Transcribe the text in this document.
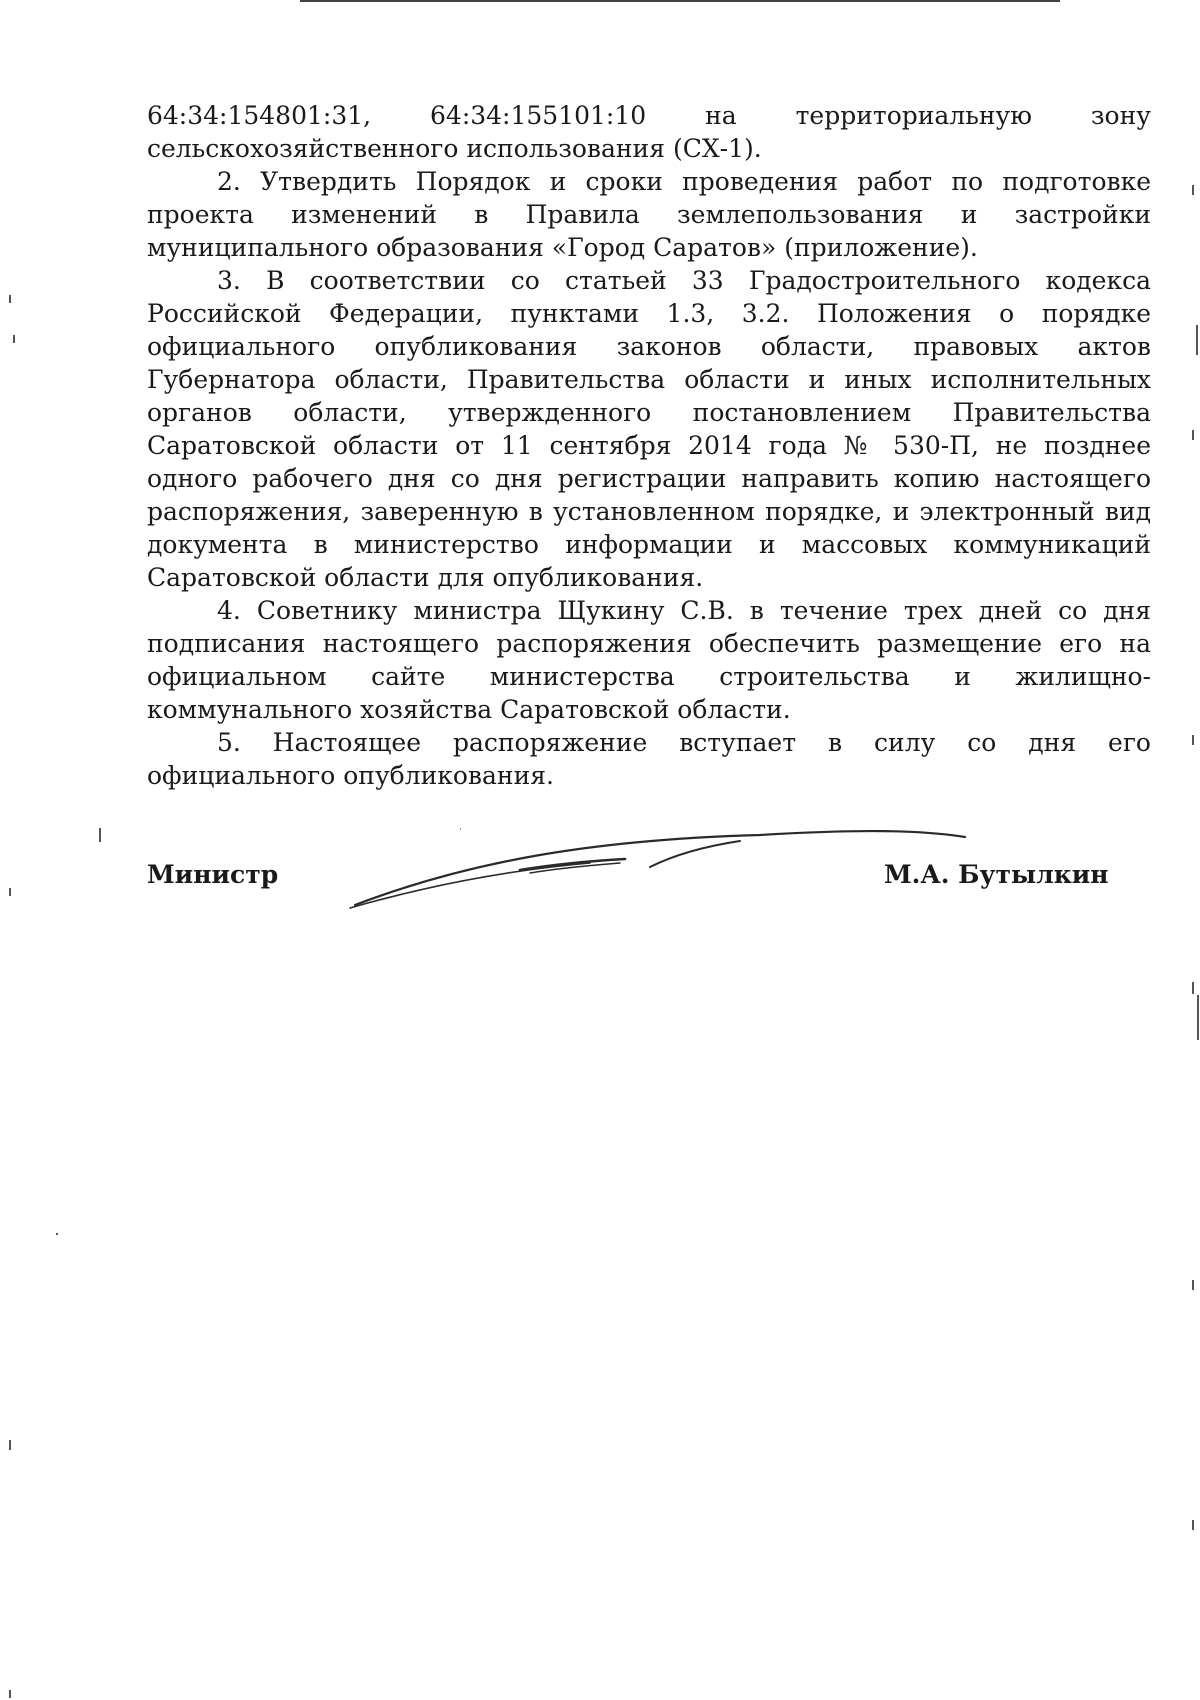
64:34:154801:31, 64:34:155101:10 на территориальную зону

сельскохозяйственного использования (СХ-1).

2. Утвердить Порядок и сроки проведения работ по подготовке проекта изменений в Правила землепользования и застройки муниципального образования «Город Саратов» (приложение).

3. В соответствии со статьей 33 Градостроительного кодекса Российской Федерации, пунктами 1.3, 3.2. Положения о порядке официального опубликования законов области, правовых актов Губернатора области, Правительства области и иных исполнительных органов области, утвержденного постановлением Правительства Саратовской области от 11 сентября 2014 года № 530-П, не позднее одного рабочего дня со дня регистрации направить копию настоящего распоряжения, заверенную в установленном порядке, и электронный вид документа в министерство информации и массовых коммуникаций Саратовской области для опубликования.

4. Советнику министра Щукину С.В. в течение трех дней со дня подписания настоящего распоряжения обеспечить размещение его на официальном сайте министерства строительства и жилищно-коммунального хозяйства Саратовской области.

5. Настоящее распоряжение вступает в силу со дня его официального опубликования.

Министр	М.А. Бутылкин
